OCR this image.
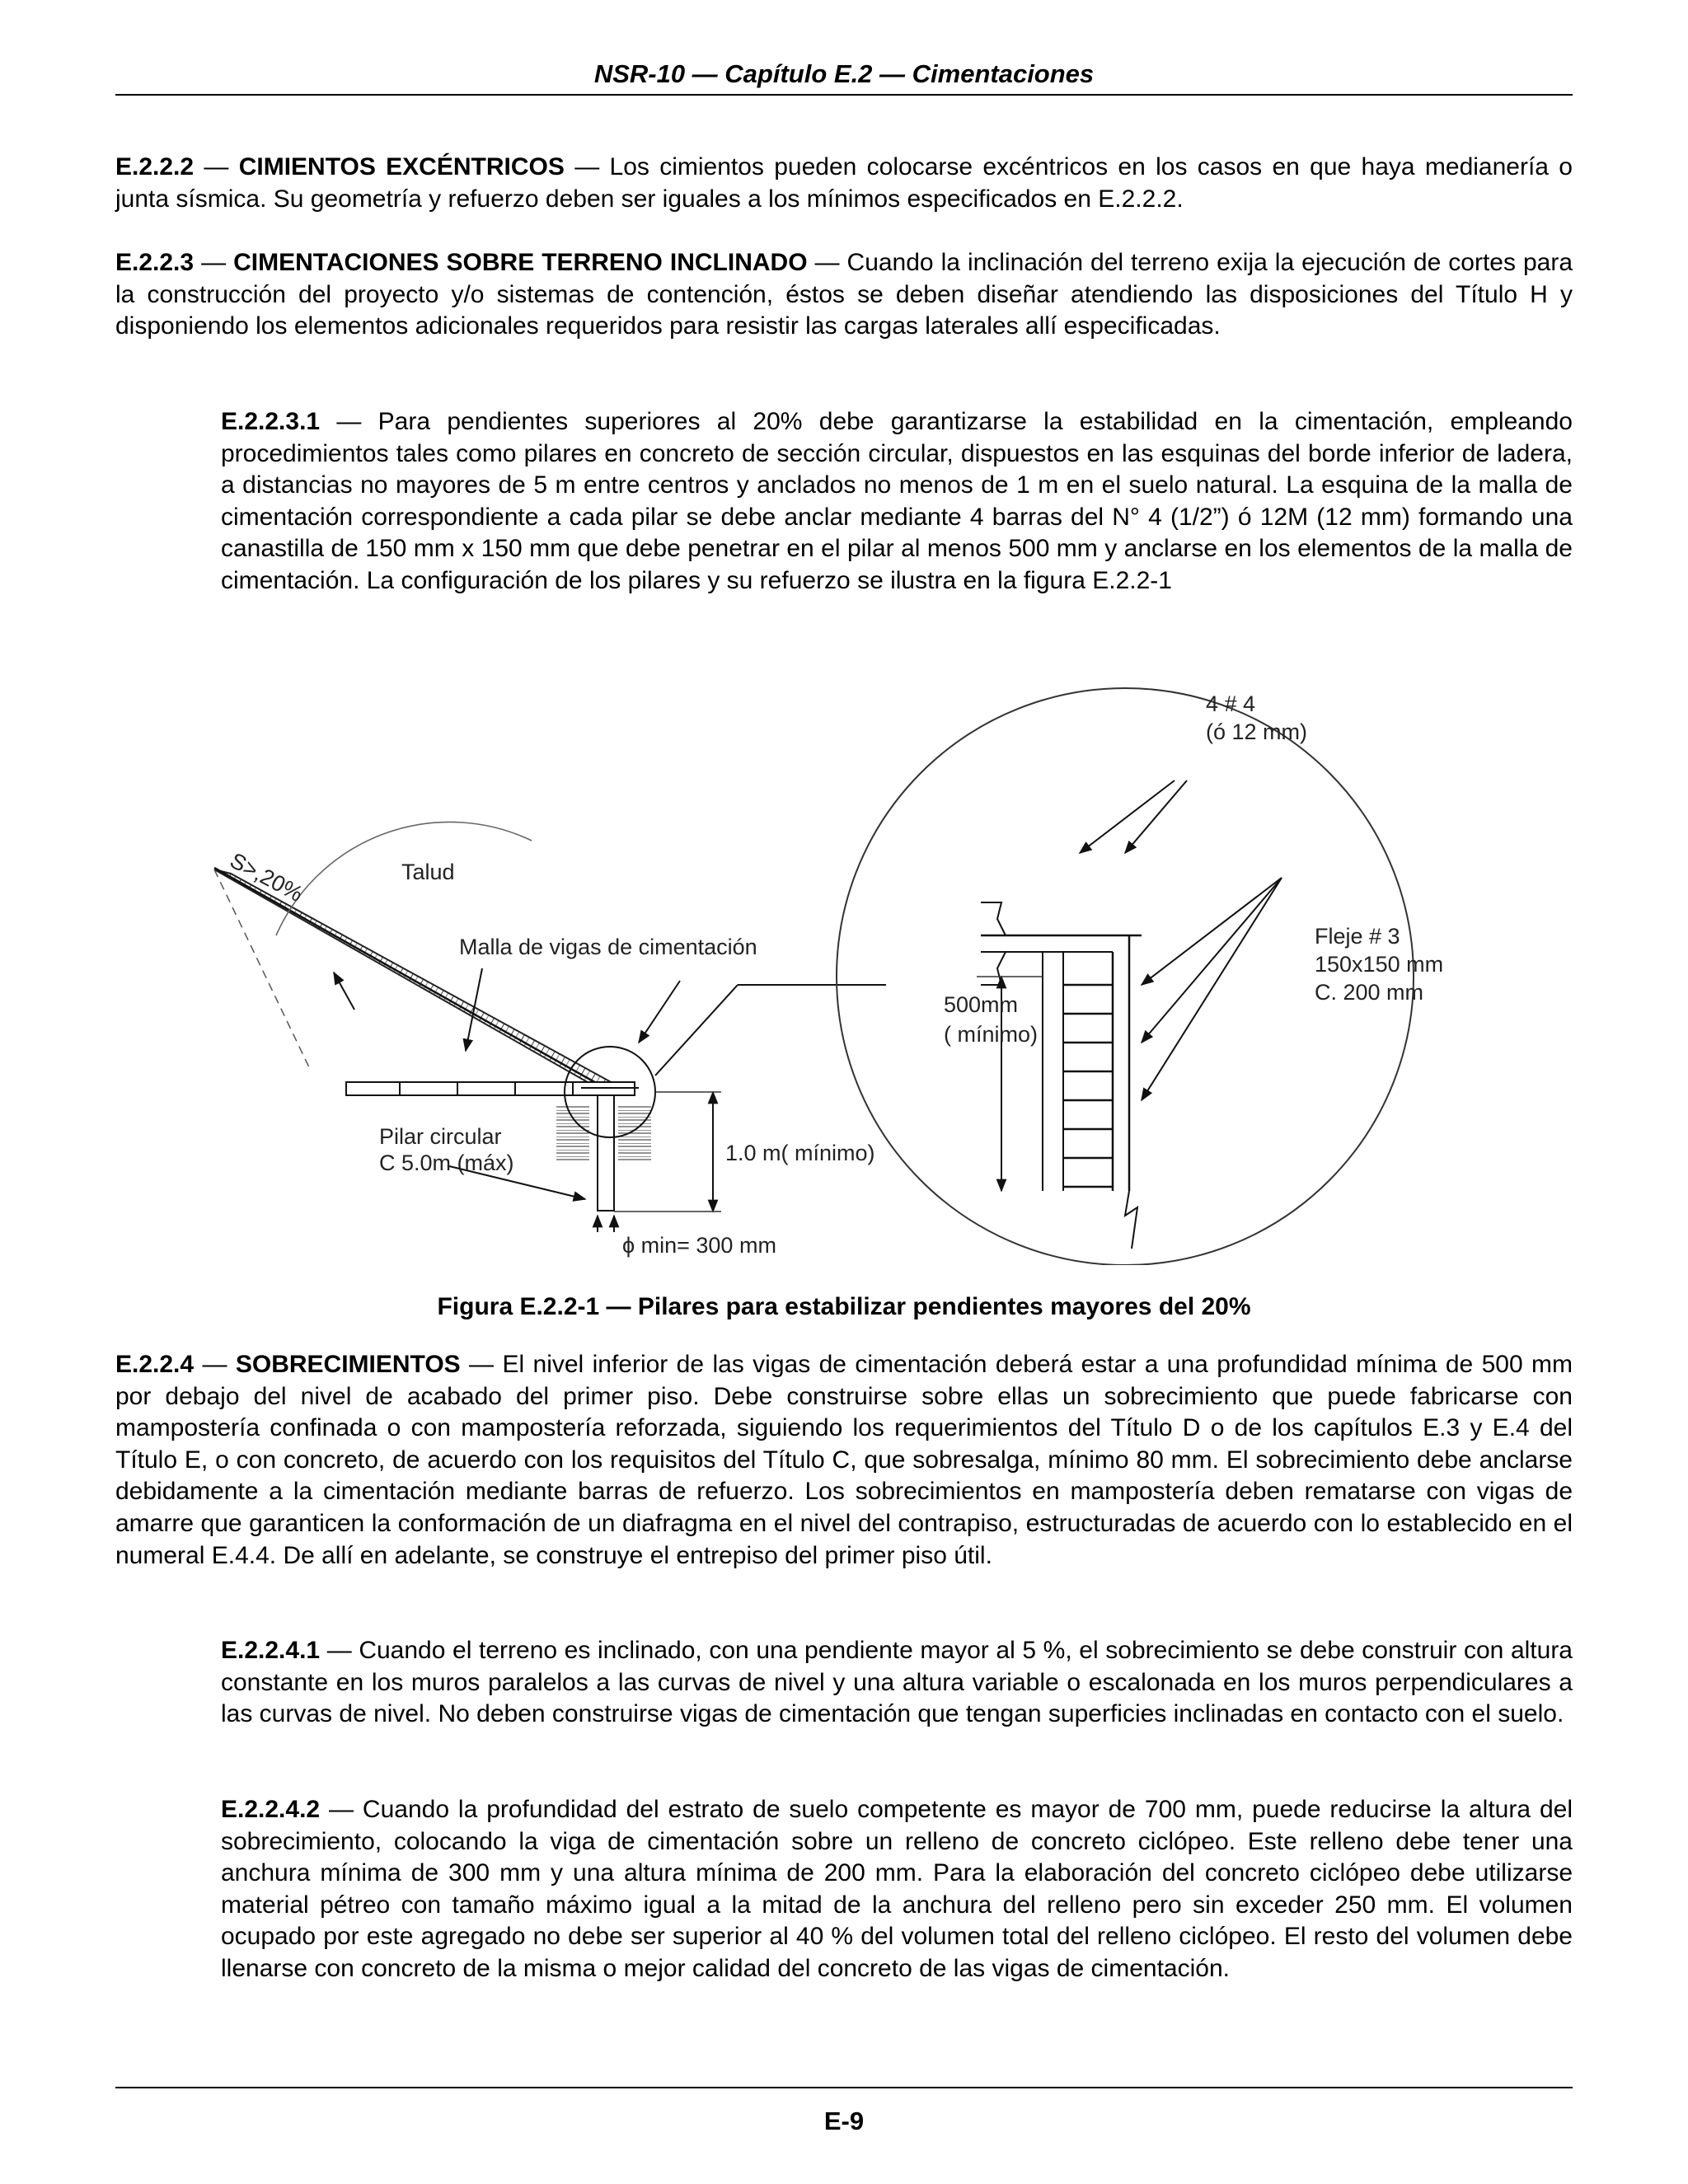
NSR-10 — Capítulo E.2 — Cimentaciones

E.2.2.2 — CIMIENTOS EXCÉNTRICOS — Los cimientos pueden colocarse excéntricos en los casos en que haya medianería o junta sísmica. Su geometría y refuerzo deben ser iguales a los mínimos especificados en E.2.2.2.

E.2.2.3 — CIMENTACIONES SOBRE TERRENO INCLINADO — Cuando la inclinación del terreno exija la ejecución de cortes para la construcción del proyecto y/o sistemas de contención, éstos se deben diseñar atendiendo las disposiciones del Título H y disponiendo los elementos adicionales requeridos para resistir las cargas laterales allí especificadas.

E.2.2.3.1 — Para pendientes superiores al 20% debe garantizarse la estabilidad en la cimentación, empleando procedimientos tales como pilares en concreto de sección circular, dispuestos en las esquinas del borde inferior de ladera, a distancias no mayores de 5 m entre centros y anclados no menos de 1 m en el suelo natural. La esquina de la malla de cimentación correspondiente a cada pilar se debe anclar mediante 4 barras del N° 4 (1/2”) ó 12M (12 mm) formando una canastilla de 150 mm x 150 mm que debe penetrar en el pilar al menos 500 mm y anclarse en los elementos de la malla de cimentación. La configuración de los pilares y su refuerzo se ilustra en la figura E.2.2-1

S>,20%	Talud
Malla de vigas de cimentación
Pilar circular
C 5.0m (máx)	1.0 m( mínimo)
ϕ min= 300 mm
4 # 4
(ó 12 mm)
Fleje # 3
150x150 mm
C. 200 mm
500mm
( mínimo)
Figura E.2.2-1 — Pilares para estabilizar pendientes mayores del 20%

E.2.2.4 — SOBRECIMIENTOS — El nivel inferior de las vigas de cimentación deberá estar a una profundidad mínima de 500 mm por debajo del nivel de acabado del primer piso. Debe construirse sobre ellas un sobrecimiento que puede fabricarse con mampostería confinada o con mampostería reforzada, siguiendo los requerimientos del Título D o de los capítulos E.3 y E.4 del Título E, o con concreto, de acuerdo con los requisitos del Título C, que sobresalga, mínimo 80 mm. El sobrecimiento debe anclarse debidamente a la cimentación mediante barras de refuerzo. Los sobrecimientos en mampostería deben rematarse con vigas de amarre que garanticen la conformación de un diafragma en el nivel del contrapiso, estructuradas de acuerdo con lo establecido en el numeral E.4.4. De allí en adelante, se construye el entrepiso del primer piso útil.

E.2.2.4.1 — Cuando el terreno es inclinado, con una pendiente mayor al 5 %, el sobrecimiento se debe construir con altura constante en los muros paralelos a las curvas de nivel y una altura variable o escalonada en los muros perpendiculares a las curvas de nivel. No deben construirse vigas de cimentación que tengan superficies inclinadas en contacto con el suelo.

E.2.2.4.2 — Cuando la profundidad del estrato de suelo competente es mayor de 700 mm, puede reducirse la altura del sobrecimiento, colocando la viga de cimentación sobre un relleno de concreto ciclópeo. Este relleno debe tener una anchura mínima de 300 mm y una altura mínima de 200 mm. Para la elaboración del concreto ciclópeo debe utilizarse material pétreo con tamaño máximo igual a la mitad de la anchura del relleno pero sin exceder 250 mm. El volumen ocupado por este agregado no debe ser superior al 40 % del volumen total del relleno ciclópeo. El resto del volumen debe llenarse con concreto de la misma o mejor calidad del concreto de las vigas de cimentación.

E-9
